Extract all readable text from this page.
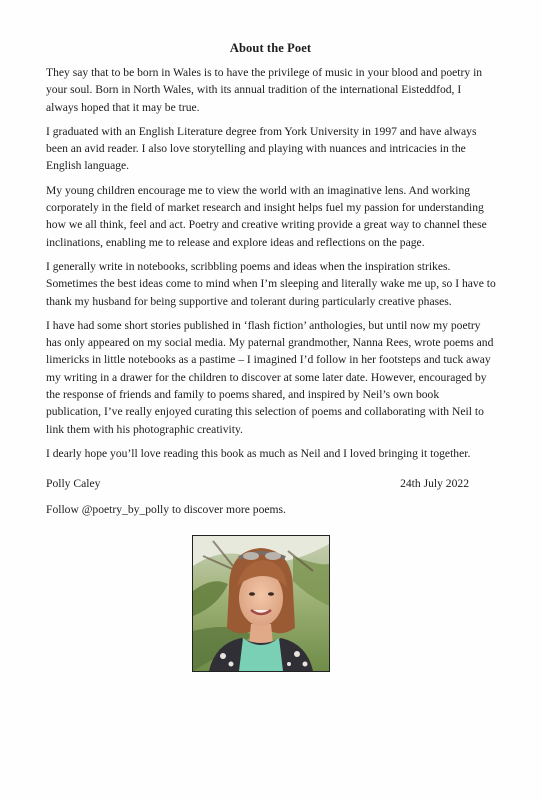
About the Poet

They say that to be born in Wales is to have the privilege of music in your blood and poetry in your soul. Born in North Wales, with its annual tradition of the international Eisteddfod, I always hoped that it may be true.

I graduated with an English Literature degree from York University in 1997 and have always been an avid reader. I also love storytelling and playing with nuances and intricacies in the English language.

My young children encourage me to view the world with an imaginative lens. And working corporately in the field of market research and insight helps fuel my passion for understanding how we all think, feel and act. Poetry and creative writing provide a great way to channel these inclinations, enabling me to release and explore ideas and reflections on the page.

I generally write in notebooks, scribbling poems and ideas when the inspiration strikes. Sometimes the best ideas come to mind when I’m sleeping and literally wake me up, so I have to thank my husband for being supportive and tolerant during particularly creative phases.

I have had some short stories published in ‘flash fiction’ anthologies, but until now my poetry has only appeared on my social media. My paternal grandmother, Nanna Rees, wrote poems and limericks in little notebooks as a pastime – I imagined I’d follow in her footsteps and tuck away my writing in a drawer for the children to discover at some later date. However, encouraged by the response of friends and family to poems shared, and inspired by Neil’s own book publication, I’ve really enjoyed curating this selection of poems and collaborating with Neil to link them with his photographic creativity.

I dearly hope you’ll love reading this book as much as Neil and I loved bringing it together.

Polly Caley	24th July 2022

Follow @poetry_by_polly to discover more poems.
